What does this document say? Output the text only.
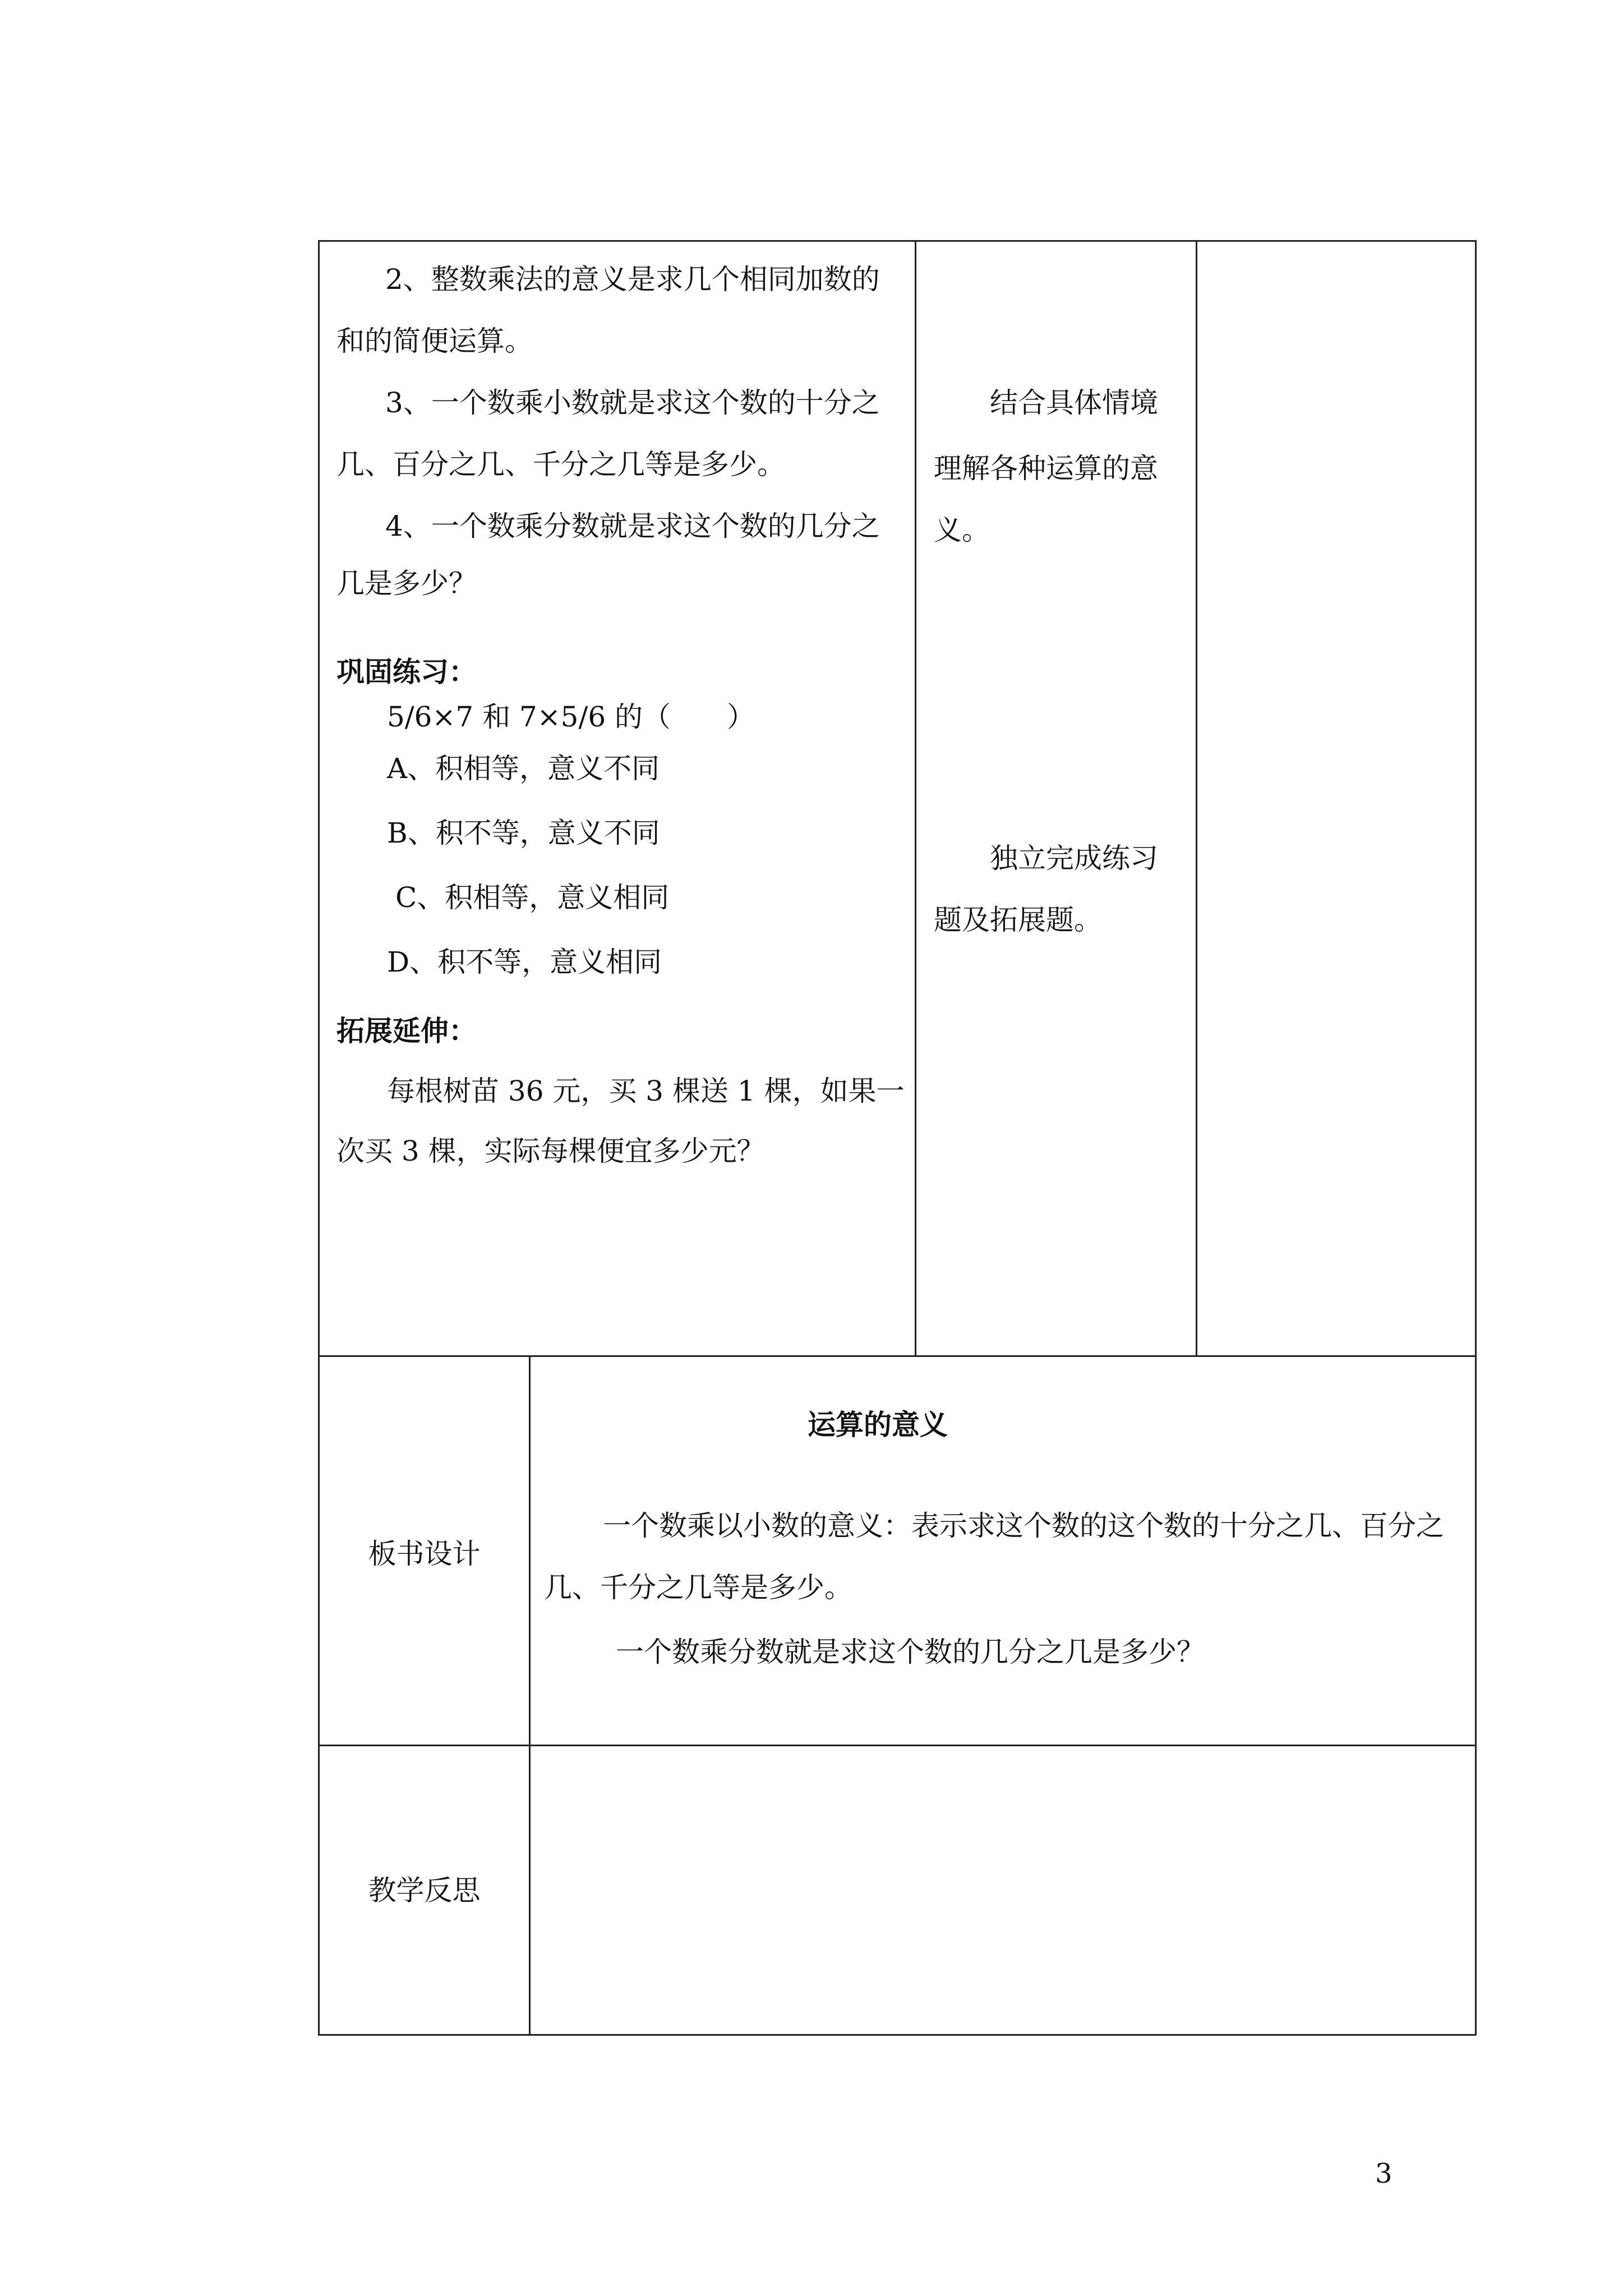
2、整数乘法的意义是求几个相同加数的
和的简便运算。
3、一个数乘小数就是求这个数的十分之
几、百分之几、千分之几等是多少。
4、一个数乘分数就是求这个数的几分之
几是多少？
巩固练习：
5/6×7 和 7×5/6 的（　　）
A、积相等，意义不同
B、积不等，意义不同
C、积相等，意义相同
D、积不等，意义相同
拓展延伸：
每根树苗 36 元，买 3 棵送 1 棵，如果一
次买 3 棵，实际每棵便宜多少元？
结合具体情境
理解各种运算的意
义。
独立完成练习
题及拓展题。
板书设计
运算的意义
一个数乘以小数的意义：表示求这个数的这个数的十分之几、百分之
几、千分之几等是多少。
一个数乘分数就是求这个数的几分之几是多少？
教学反思
3
